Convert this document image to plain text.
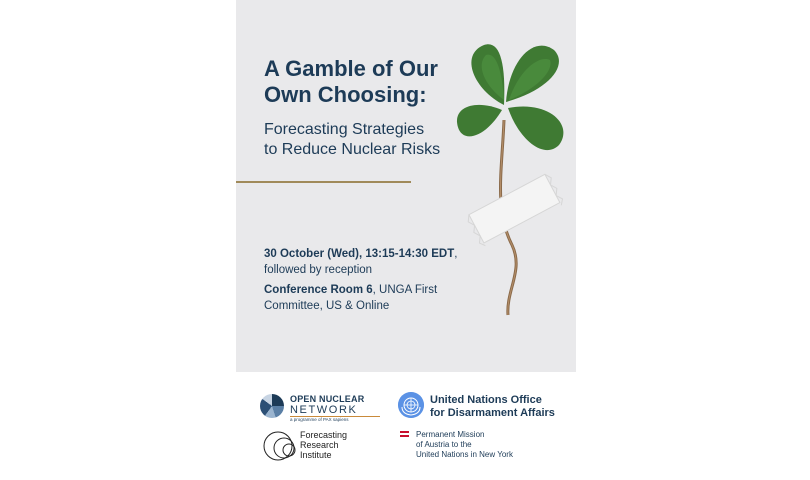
A Gamble of Our
Own Choosing:
Forecasting Strategies
to Reduce Nuclear Risks

30 October (Wed), 13:15-14:30 EDT,
followed by reception

Conference Room 6, UNGA First Committee, US & Online

OPEN NUCLEAR
NETWORK
a programme of PAX sapiens
Forecasting
Research
Institute
United Nations Office
for Disarmament Affairs
Permanent Mission
of Austria to the
United Nations in New York
